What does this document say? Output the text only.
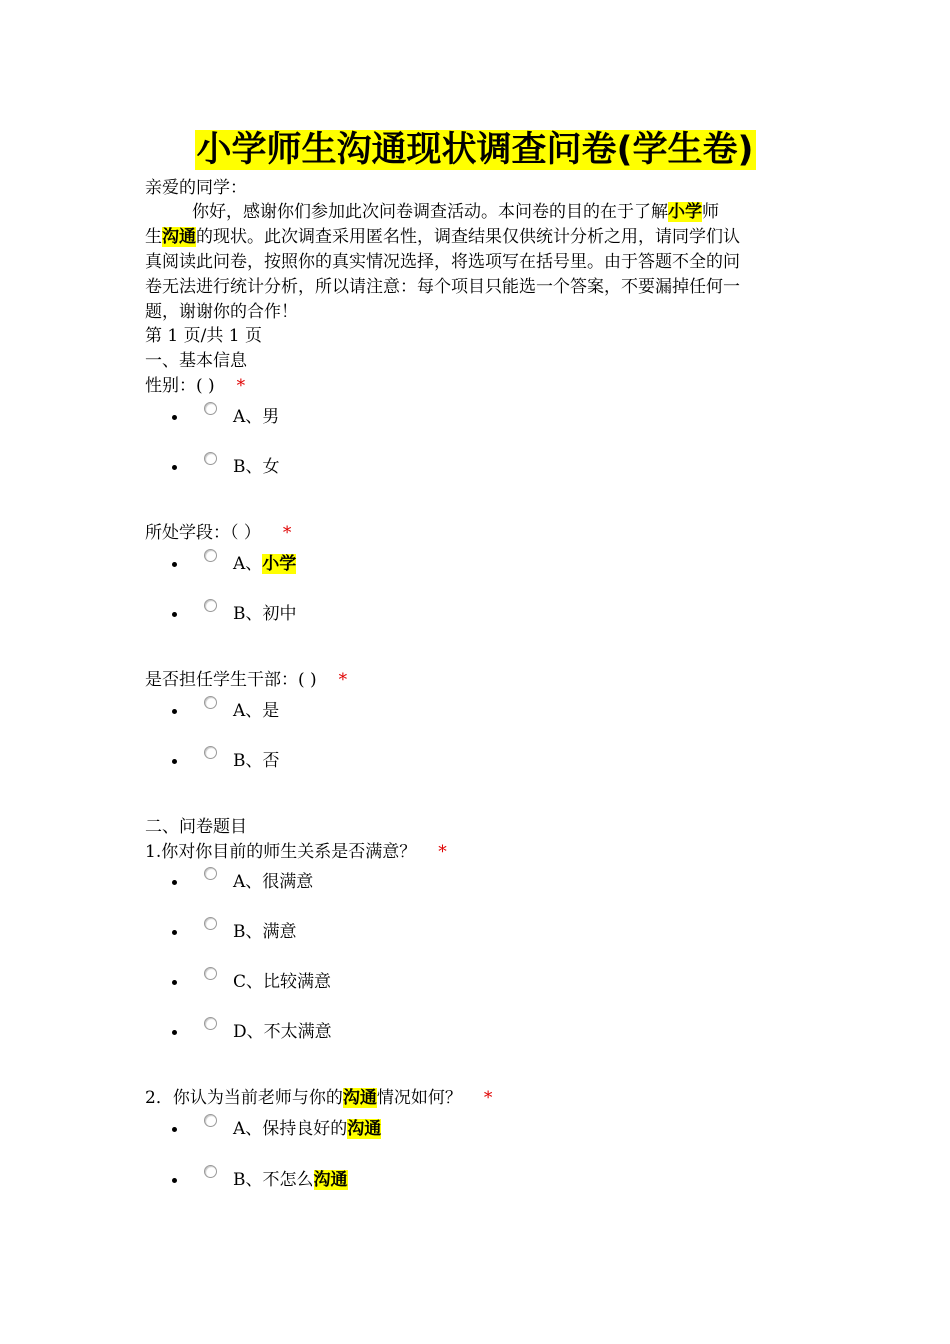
小学师生沟通现状调查问卷(学生卷)
亲爱的同学：
你好，感谢你们参加此次问卷调查活动。本问卷的目的在于了解小学师
生沟通的现状。此次调查采用匿名性，调查结果仅供统计分析之用，请同学们认
真阅读此问卷，按照你的真实情况选择，将选项写在括号里。由于答题不全的问
卷无法进行统计分析，所以请注意：每个项目只能选一个答案，不要漏掉任何一
题，谢谢你的合作！
第 1 页/共 1 页
一、基本信息
性别：( ) *
A、男
B、女
所处学段：（ ） *
A、小学
B、初中
是否担任学生干部：( ) *
A、是
B、否
二、问卷题目
1.你对你目前的师生关系是否满意？ *
A、很满意
B、满意
C、比较满意
D、不太满意
2．你认为当前老师与你的沟通情况如何？ *
A、保持良好的沟通
B、不怎么沟通
